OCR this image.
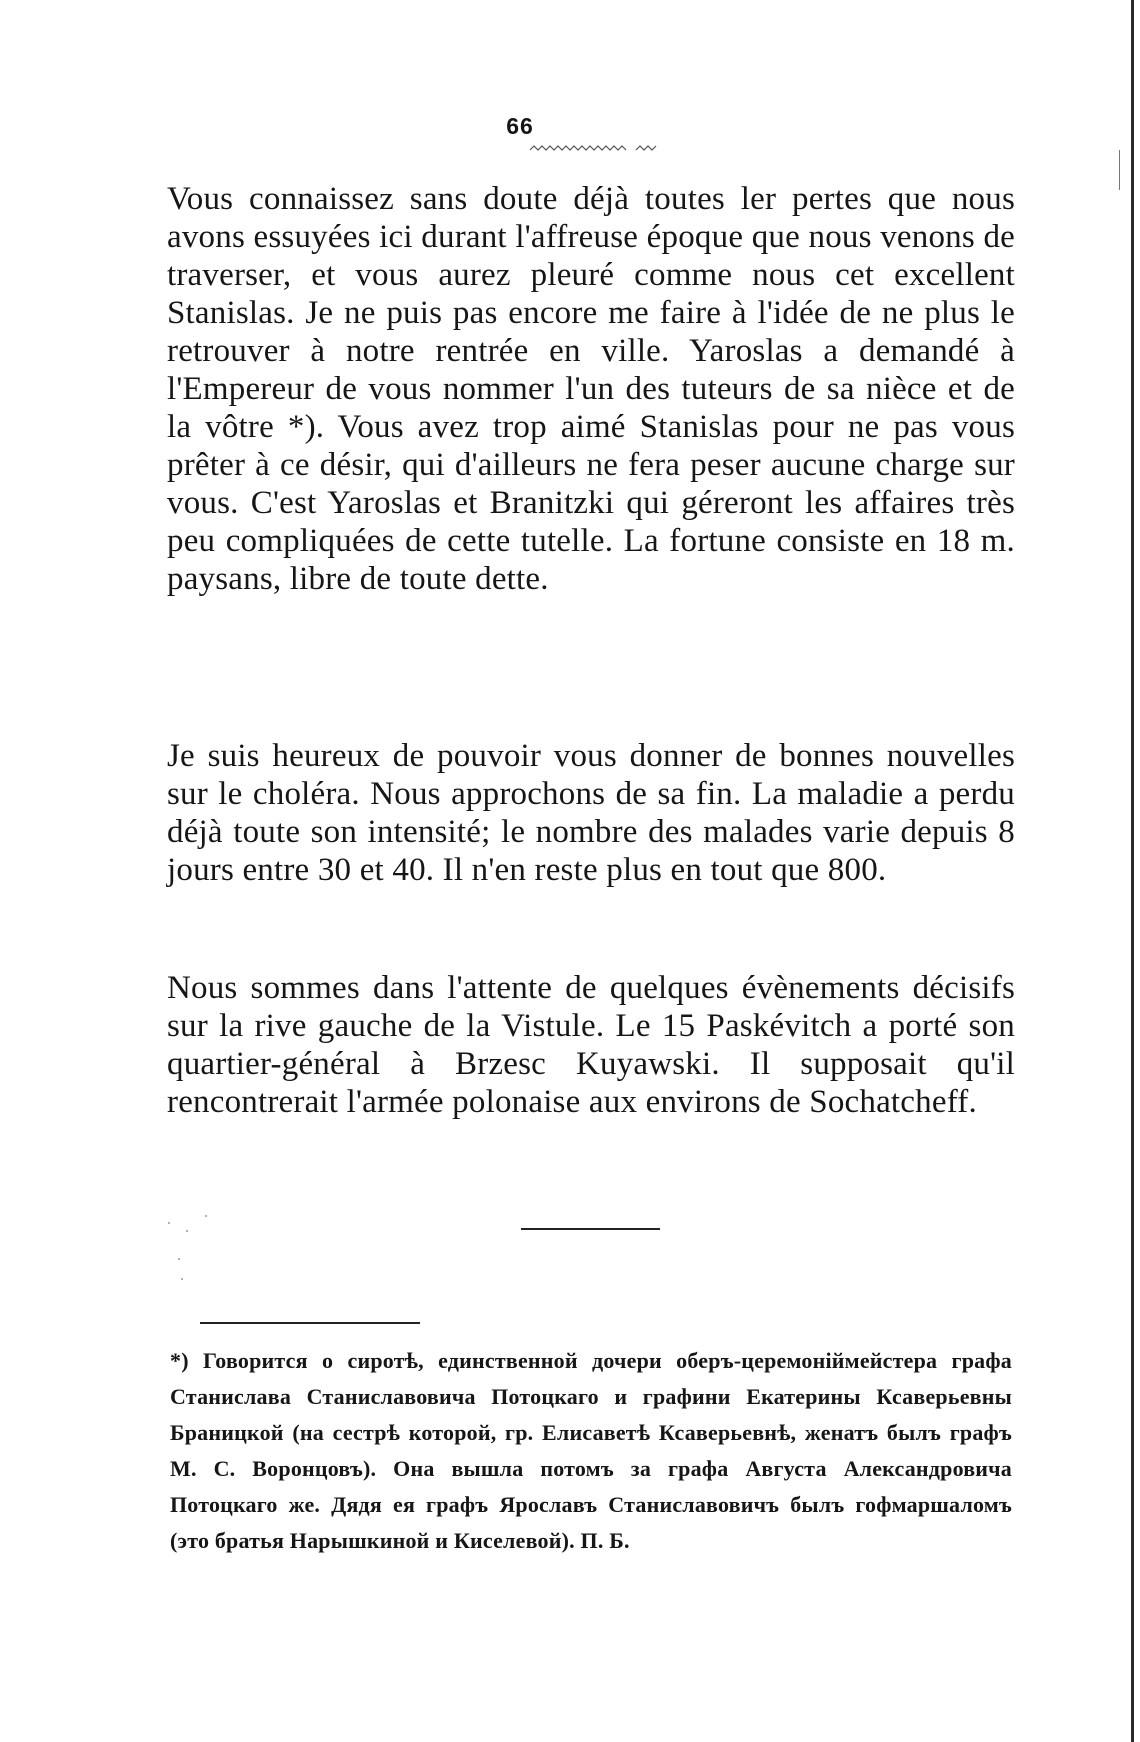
66

Vous connaissez sans doute déjà toutes ler pertes que nous avons essuyées ici durant l'affreuse époque que nous venons de traverser, et vous aurez pleuré comme nous cet excellent Stanislas. Je ne puis pas encore me faire à l'idée de ne plus le retrouver à notre rentrée en ville. Yaroslas a demandé à l'Empereur de vous nommer l'un des tuteurs de sa nièce et de la vôtre *). Vous avez trop aimé Stanislas pour ne pas vous prêter à ce désir, qui d'ailleurs ne fera peser aucune charge sur vous. C'est Yaroslas et Branitzki qui géreront les affaires très peu compliquées de cette tutelle. La fortune consiste en 18 m. paysans, libre de toute dette.

Je suis heureux de pouvoir vous donner de bonnes nouvelles sur le choléra. Nous approchons de sa fin. La maladie a perdu déjà toute son intensité; le nombre des malades varie depuis 8 jours entre 30 et 40. Il n'en reste plus en tout que 800.

Nous sommes dans l'attente de quelques évènements décisifs sur la rive gauche de la Vistule. Le 15 Paskévitch a porté son quartier-général à Brzesc Kuyawski. Il supposait qu'il rencontrerait l'armée polonaise aux environs de Sochatcheff.

*) Говорится о сиротѣ, единственной дочери оберъ-церемоніймейстера графа Станислава Станиславовича Потоцкаго и графини Екатерины Ксаверьевны Браницкой (на сестрѣ которой, гр. Елисаветѣ Ксаверьевнѣ, женатъ былъ графъ М. С. Воронцовъ). Она вышла потомъ за графа Августа Александровича Потоцкаго же. Дядя ея графъ Ярославъ Станиславовичъ былъ гофмаршаломъ (это братья Нарышкиной и Киселевой). П. Б.
